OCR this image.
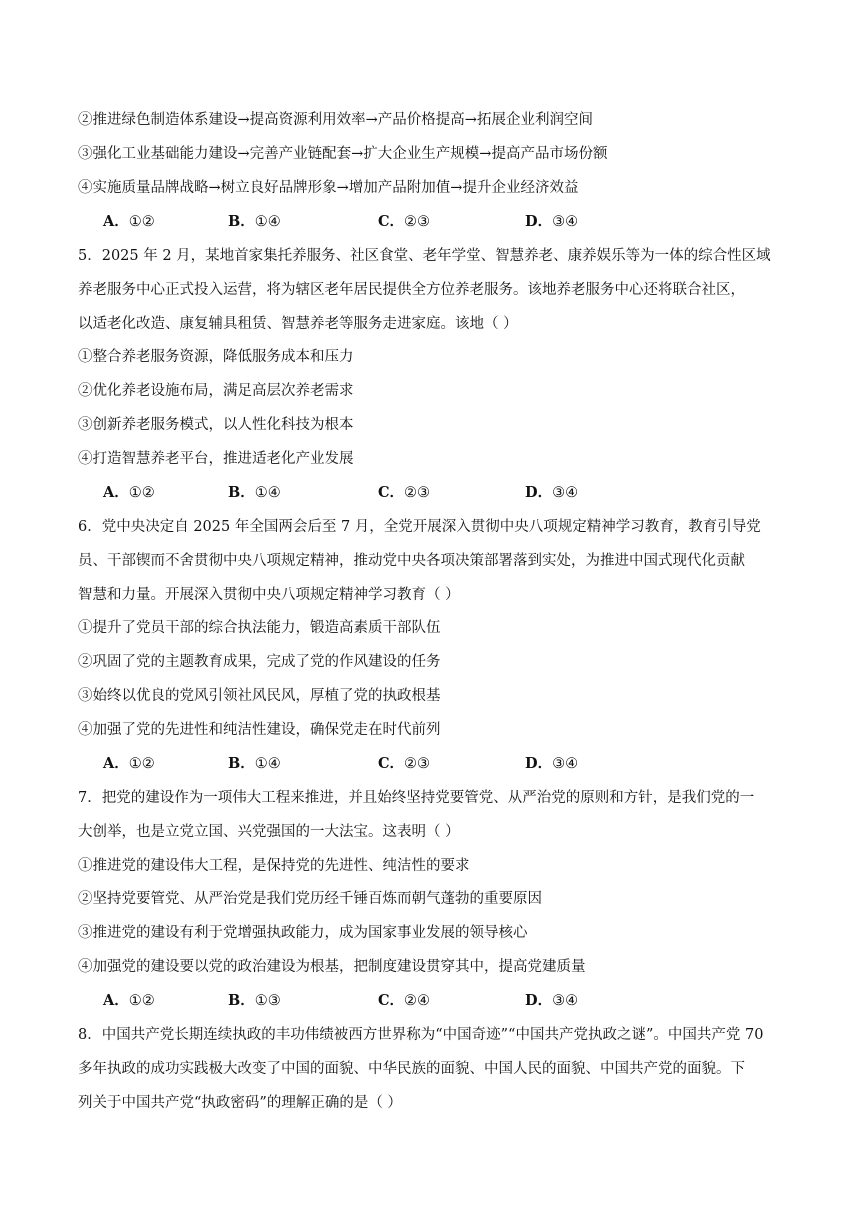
②推进绿色制造体系建设→提高资源利用效率→产品价格提高→拓展企业利润空间
③强化工业基础能力建设→完善产业链配套→扩大企业生产规模→提高产品市场份额
④实施质量品牌战略→树立良好品牌形象→增加产品附加值→提升企业经济效益
A．①②	B．①④	C．②③	D．③④
5．2025 年 2 月，某地首家集托养服务、社区食堂、老年学堂、智慧养老、康养娱乐等为一体的综合性区域
养老服务中心正式投入运营，将为辖区老年居民提供全方位养老服务。该地养老服务中心还将联合社区，
以适老化改造、康复辅具租赁、智慧养老等服务走进家庭。该地（ ）
①整合养老服务资源，降低服务成本和压力
②优化养老设施布局，满足高层次养老需求
③创新养老服务模式，以人性化科技为根本
④打造智慧养老平台，推进适老化产业发展
A．①②	B．①④	C．②③	D．③④
6．党中央决定自 2025 年全国两会后至 7 月，全党开展深入贯彻中央八项规定精神学习教育，教育引导党
员、干部锲而不舍贯彻中央八项规定精神，推动党中央各项决策部署落到实处，为推进中国式现代化贡献
智慧和力量。开展深入贯彻中央八项规定精神学习教育（ ）
①提升了党员干部的综合执法能力，锻造高素质干部队伍
②巩固了党的主题教育成果，完成了党的作风建设的任务
③始终以优良的党风引领社风民风，厚植了党的执政根基
④加强了党的先进性和纯洁性建设，确保党走在时代前列
A．①②	B．①④	C．②③	D．③④
7．把党的建设作为一项伟大工程来推进，并且始终坚持党要管党、从严治党的原则和方针，是我们党的一
大创举，也是立党立国、兴党强国的一大法宝。这表明（ ）
①推进党的建设伟大工程，是保持党的先进性、纯洁性的要求
②坚持党要管党、从严治党是我们党历经千锤百炼而朝气蓬勃的重要原因
③推进党的建设有利于党增强执政能力，成为国家事业发展的领导核心
④加强党的建设要以党的政治建设为根基，把制度建设贯穿其中，提高党建质量
A．①②	B．①③	C．②④	D．③④
8．中国共产党长期连续执政的丰功伟绩被西方世界称为“中国奇迹”“中国共产党执政之谜”。中国共产党 70
多年执政的成功实践极大改变了中国的面貌、中华民族的面貌、中国人民的面貌、中国共产党的面貌。下
列关于中国共产党“执政密码”的理解正确的是（ ）
